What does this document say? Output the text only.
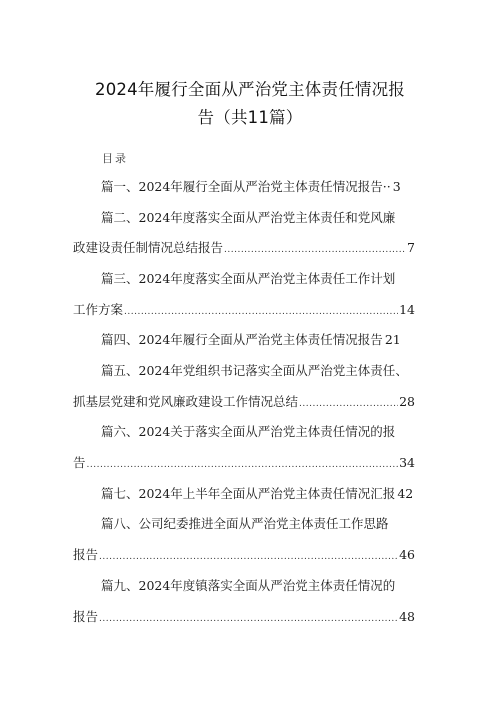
2024年履行全面从严治党主体责任情况报
告（共11篇）
目录
篇一、2024年履行全面从严治党主体责任情况报告·· 3
篇二、2024年度落实全面从严治党主体责任和党风廉
政建设责任制情况总结报告 .....	7
篇三、2024年度落实全面从严治党主体责任工作计划
工作方案 .....	14
篇四、2024年履行全面从严治党主体责任情况报告 21
篇五、2024年党组织书记落实全面从严治党主体责任、
抓基层党建和党风廉政建设工作情况总结 .....	28
篇六、2024关于落实全面从严治党主体责任情况的报
告 .....	34
篇七、2024年上半年全面从严治党主体责任情况汇报 42
篇八、公司纪委推进全面从严治党主体责任工作思路
报告 .....	46
篇九、2024年度镇落实全面从严治党主体责任情况的
报告 .....	48
